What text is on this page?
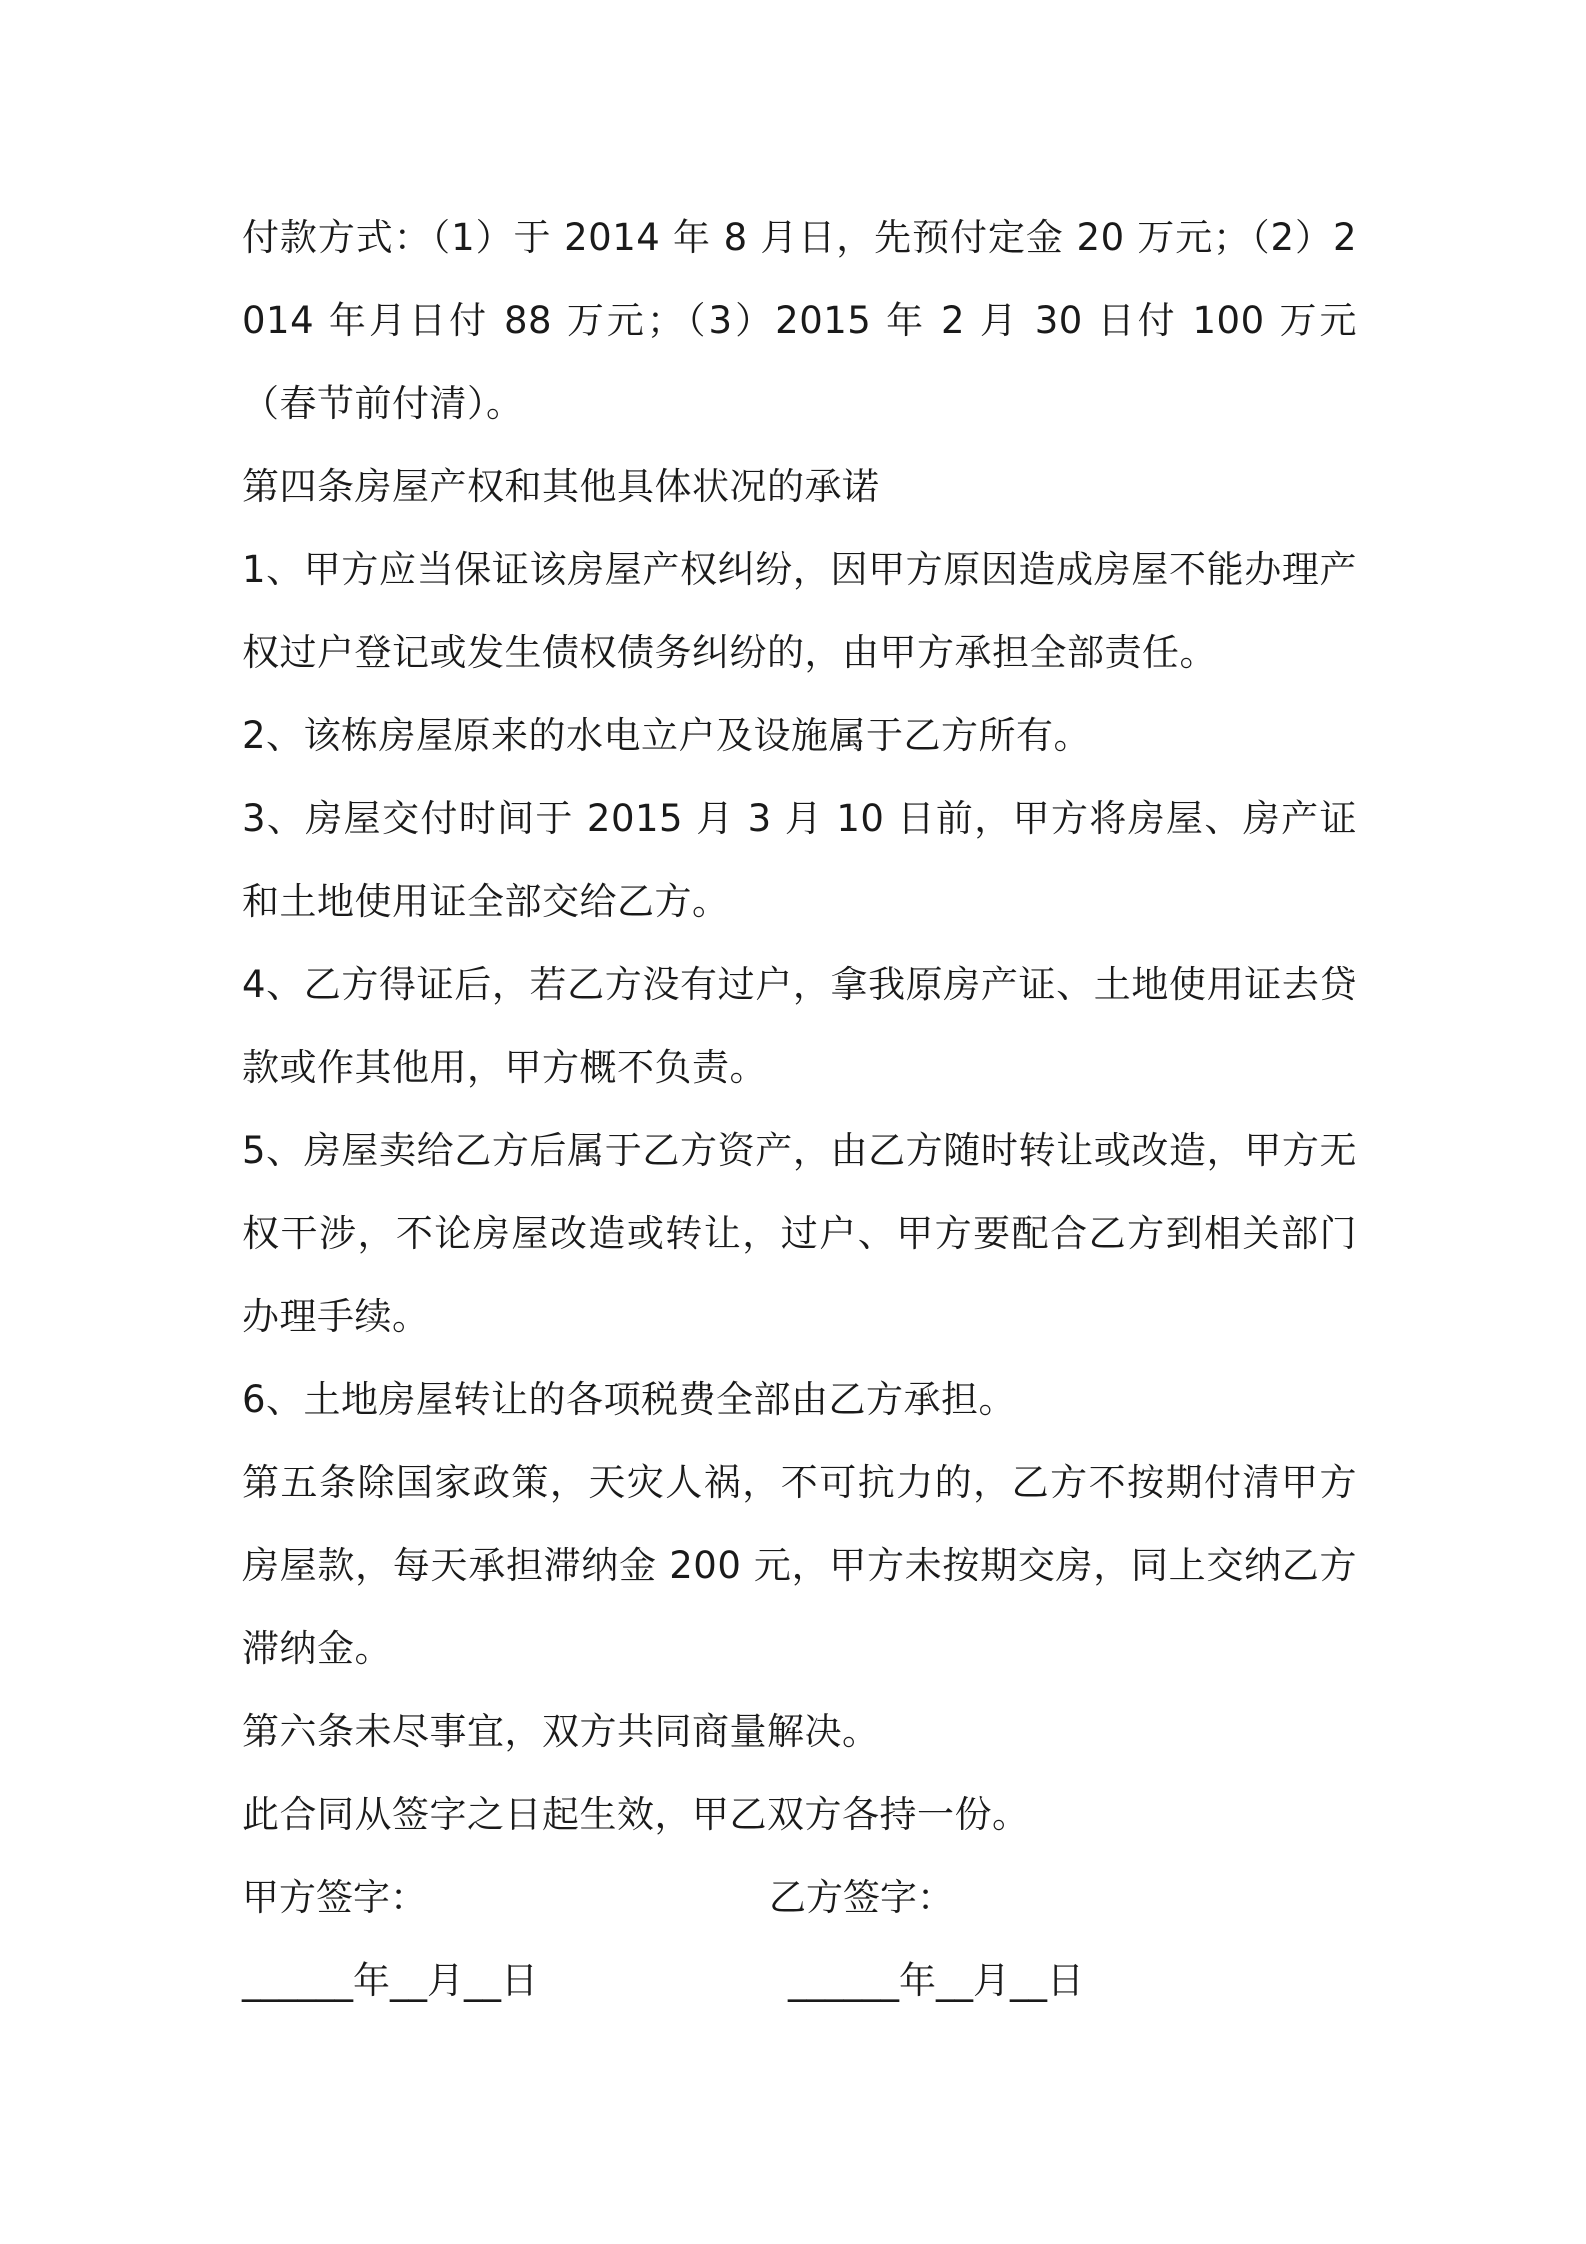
付款方式：（1）于 2014 年 8 月日，先预付定金 20 万元；（2）2014 年月日付 88 万元；（3）2015 年 2 月 30 日付 100 万元（春节前付清）。

第四条房屋产权和其他具体状况的承诺

1、甲方应当保证该房屋产权纠纷，因甲方原因造成房屋不能办理产权过户登记或发生债权债务纠纷的，由甲方承担全部责任。

2、该栋房屋原来的水电立户及设施属于乙方所有。

3、房屋交付时间于 2015 月 3 月 10 日前，甲方将房屋、房产证和土地使用证全部交给乙方。

4、乙方得证后，若乙方没有过户，拿我原房产证、土地使用证去贷款或作其他用，甲方概不负责。

5、房屋卖给乙方后属于乙方资产，由乙方随时转让或改造，甲方无权干涉，不论房屋改造或转让，过户、甲方要配合乙方到相关部门办理手续。

6、土地房屋转让的各项税费全部由乙方承担。

第五条除国家政策，天灾人祸，不可抗力的，乙方不按期付清甲方房屋款，每天承担滞纳金 200 元，甲方未按期交房，同上交纳乙方滞纳金。

第六条未尽事宜，双方共同商量解决。

此合同从签字之日起生效，甲乙双方各持一份。

甲方签字：	乙方签字：
______年__月__日	______年__月__日
